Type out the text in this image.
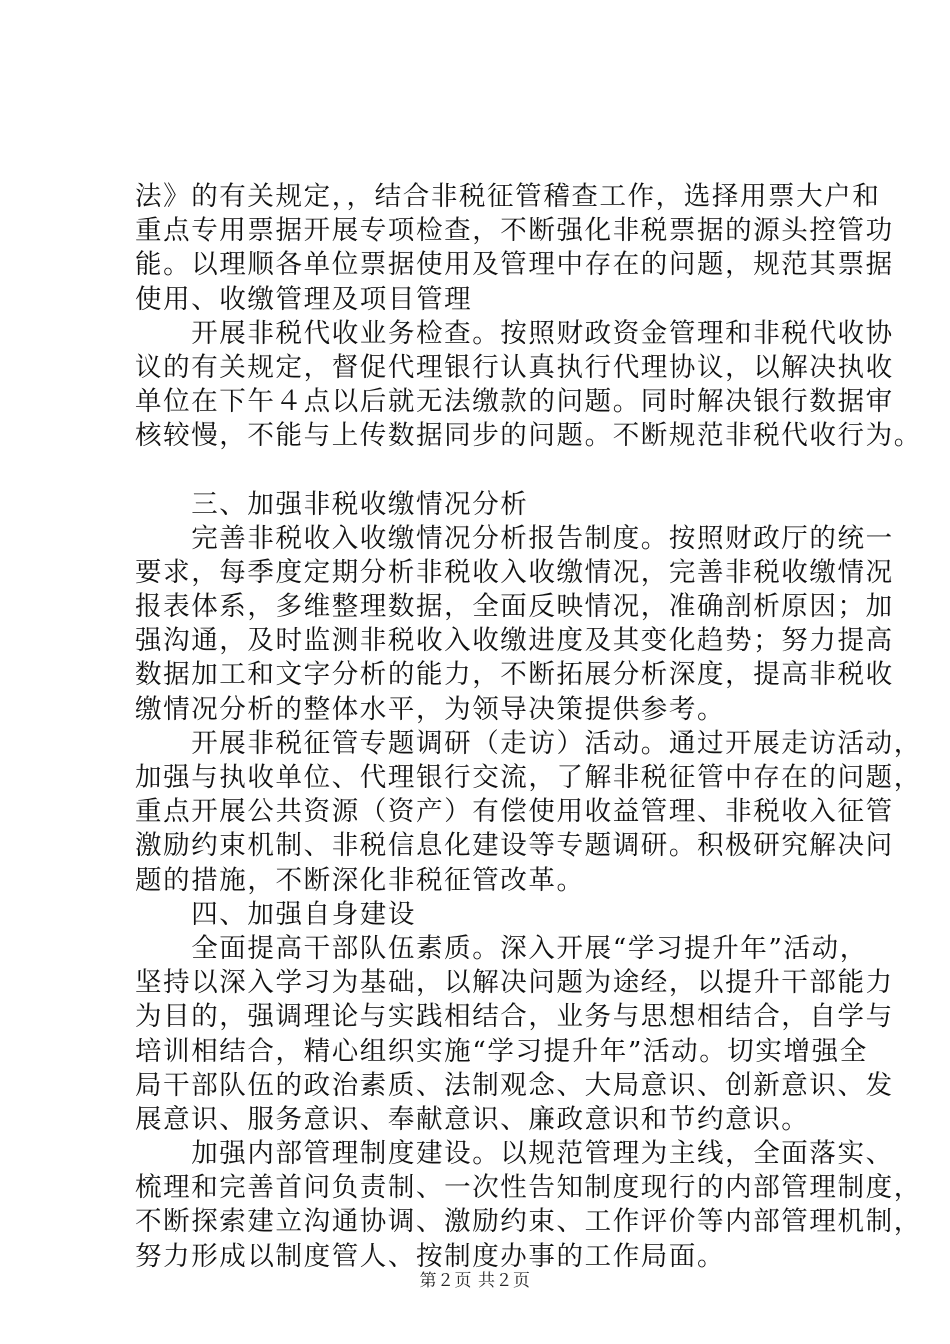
法》的有关规定，，结合非税征管稽查工作，选择用票大户和
重点专用票据开展专项检查，不断强化非税票据的源头控管功
能。以理顺各单位票据使用及管理中存在的问题，规范其票据
使用、收缴管理及项目管理
　　开展非税代收业务检查。按照财政资金管理和非税代收协
议的有关规定，督促代理银行认真执行代理协议，以解决执收
单位在下午４点以后就无法缴款的问题。同时解决银行数据审
核较慢，不能与上传数据同步的问题。不断规范非税代收行为。
　　三、加强非税收缴情况分析
　　完善非税收入收缴情况分析报告制度。按照财政厅的统一
要求，每季度定期分析非税收入收缴情况，完善非税收缴情况
报表体系，多维整理数据，全面反映情况，准确剖析原因；加
强沟通，及时监测非税收入收缴进度及其变化趋势；努力提高
数据加工和文字分析的能力，不断拓展分析深度，提高非税收
缴情况分析的整体水平，为领导决策提供参考。
　　开展非税征管专题调研（走访）活动。通过开展走访活动，
加强与执收单位、代理银行交流，了解非税征管中存在的问题，
重点开展公共资源（资产）有偿使用收益管理、非税收入征管
激励约束机制、非税信息化建设等专题调研。积极研究解决问
题的措施，不断深化非税征管改革。
　　四、加强自身建设
　　全面提高干部队伍素质。深入开展“学习提升年”活动，
坚持以深入学习为基础，以解决问题为途经，以提升干部能力
为目的，强调理论与实践相结合，业务与思想相结合，自学与
培训相结合，精心组织实施“学习提升年”活动。切实增强全
局干部队伍的政治素质、法制观念、大局意识、创新意识、发
展意识、服务意识、奉献意识、廉政意识和节约意识。
　　加强内部管理制度建设。以规范管理为主线，全面落实、
梳理和完善首问负责制、一次性告知制度现行的内部管理制度，
不断探索建立沟通协调、激励约束、工作评价等内部管理机制，
努力形成以制度管人、按制度办事的工作局面。
第２页 共２页
